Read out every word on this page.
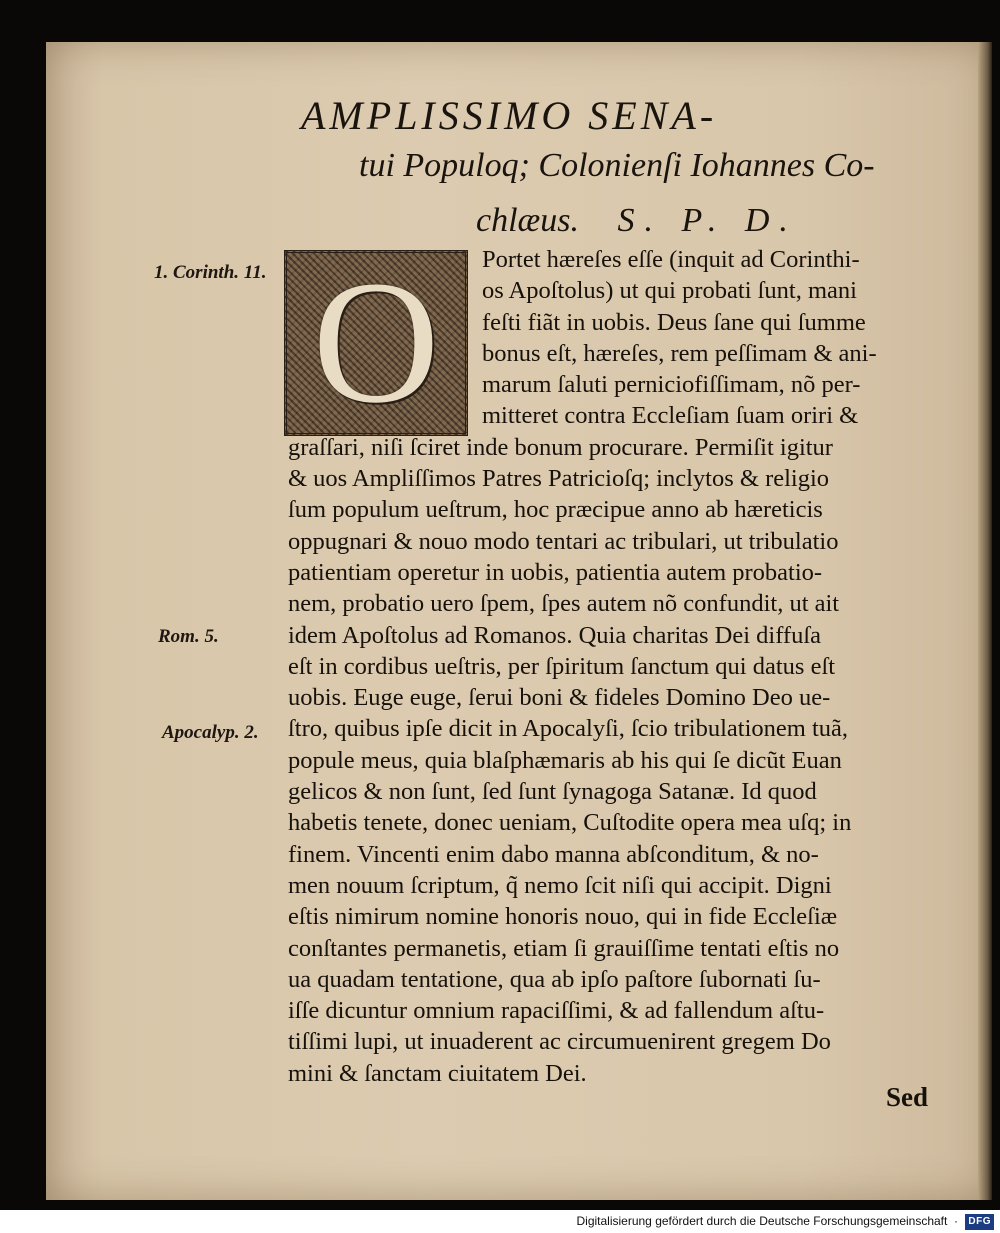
AMPLISSIMO SENA-
tui Populoq; Colonienſi Iohannes Co-
chlæus. S. P. D.
1. Corinth. 11.
Rom. 5.
Apocalyp. 2.
O	Portet hæreſes eſſe (inquit ad Corinthi-
os Apoſtolus) ut qui probati ſunt, mani
feſti fiãt in uobis. Deus ſane qui ſumme
bonus eſt, hæreſes, rem peſſimam & ani-
marum ſaluti perniciofiſſimam, nõ per-
mitteret contra Eccleſiam ſuam oriri &
graſſari, niſi ſciret inde bonum procurare. Permiſit igitur
& uos Ampliſſimos Patres Patricioſq; inclytos & religio
ſum populum ueſtrum, hoc præcipue anno ab hæreticis
oppugnari & nouo modo tentari ac tribulari, ut tribulatio
patientiam operetur in uobis, patientia autem probatio-
nem, probatio uero ſpem, ſpes autem nõ confundit, ut ait
idem Apoſtolus ad Romanos. Quia charitas Dei diffuſa
eſt in cordibus ueſtris, per ſpiritum ſanctum qui datus eſt
uobis. Euge euge, ſerui boni & fideles Domino Deo ue-
ſtro, quibus ipſe dicit in Apocalyſi, ſcio tribulationem tuã,
popule meus, quia blaſphæmaris ab his qui ſe dicũt Euan
gelicos & non ſunt, ſed ſunt ſynagoga Satanæ. Id quod
habetis tenete, donec ueniam, Cuſtodite opera mea uſq; in
finem. Vincenti enim dabo manna abſconditum, & no-
men nouum ſcriptum, q̃ nemo ſcit niſi qui accipit. Digni
eſtis nimirum nomine honoris nouo, qui in fide Eccleſiæ
conſtantes permanetis, etiam ſi grauiſſime tentati eſtis no
ua quadam tentatione, qua ab ipſo paſtore ſubornati ſu-
iſſe dicuntur omnium rapaciſſimi, & ad fallendum aſtu-
tiſſimi lupi, ut inuaderent ac circumuenirent gregem Do
mini & ſanctam ciuitatem Dei.
Sed
Digitalisierung gefördert durch die Deutsche Forschungsgemeinschaft  · DFG
